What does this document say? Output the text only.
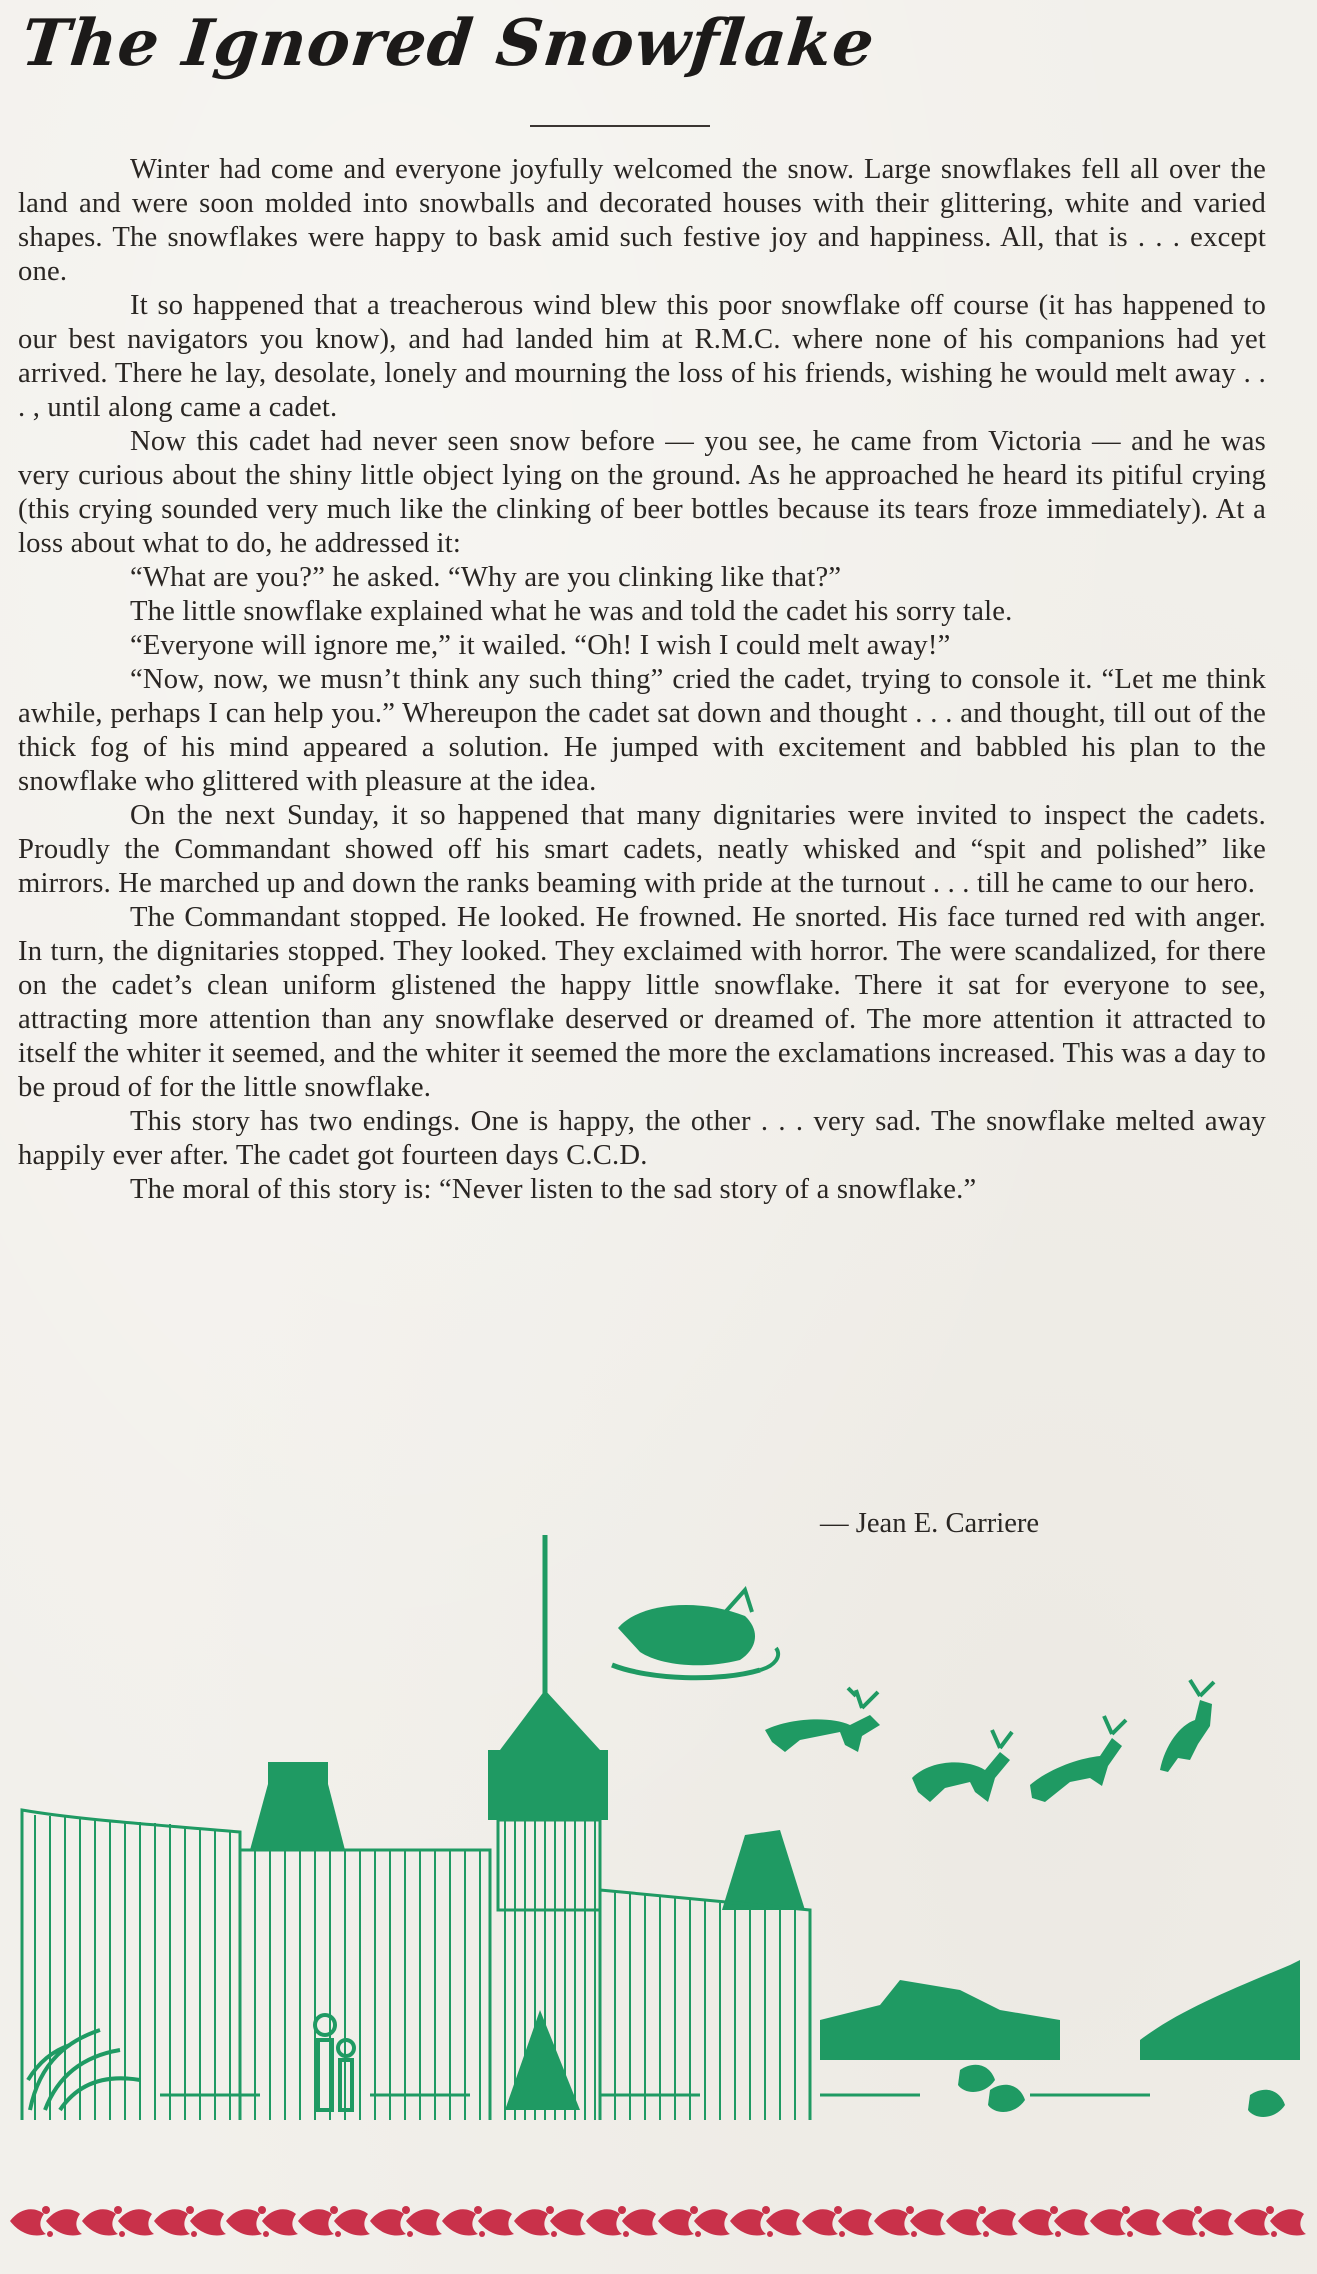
The Ignored Snowflake

Winter had come and everyone joyfully welcomed the snow. Large snowflakes fell all over the land and were soon molded into snowballs and decorated houses with their glittering, white and varied shapes. The snowflakes were happy to bask amid such festive joy and happiness. All, that is . . . except one.

It so happened that a treacherous wind blew this poor snowflake off course (it has happened to our best navigators you know), and had landed him at R.M.C. where none of his companions had yet arrived. There he lay, desolate, lonely and mourning the loss of his friends, wishing he would melt away . . . , until along came a cadet.

Now this cadet had never seen snow before — you see, he came from Victoria — and he was very curious about the shiny little object lying on the ground. As he approached he heard its pitiful crying (this crying sounded very much like the clinking of beer bottles because its tears froze immediately). At a loss about what to do, he addressed it:

“What are you?” he asked. “Why are you clinking like that?”

The little snowflake explained what he was and told the cadet his sorry tale.

“Everyone will ignore me,” it wailed. “Oh! I wish I could melt away!”

“Now, now, we musn’t think any such thing” cried the cadet, trying to console it. “Let me think awhile, perhaps I can help you.” Whereupon the cadet sat down and thought . . . and thought, till out of the thick fog of his mind appeared a solution. He jumped with excitement and babbled his plan to the snowflake who glittered with pleasure at the idea.

On the next Sunday, it so happened that many dignitaries were invited to inspect the cadets. Proudly the Commandant showed off his smart cadets, neatly whisked and “spit and polished” like mirrors. He marched up and down the ranks beaming with pride at the turnout . . . till he came to our hero.

The Commandant stopped. He looked. He frowned. He snorted. His face turned red with anger. In turn, the dignitaries stopped. They looked. They exclaimed with horror. The were scandalized, for there on the cadet’s clean uniform glistened the happy little snowflake. There it sat for everyone to see, attracting more attention than any snowflake deserved or dreamed of. The more attention it attracted to itself the whiter it seemed, and the whiter it seemed the more the exclamations increased. This was a day to be proud of for the little snowflake.

This story has two endings. One is happy, the other . . . very sad. The snowflake melted away happily ever after. The cadet got fourteen days C.C.D.

The moral of this story is: “Never listen to the sad story of a snowflake.”

— Jean E. Carriere
